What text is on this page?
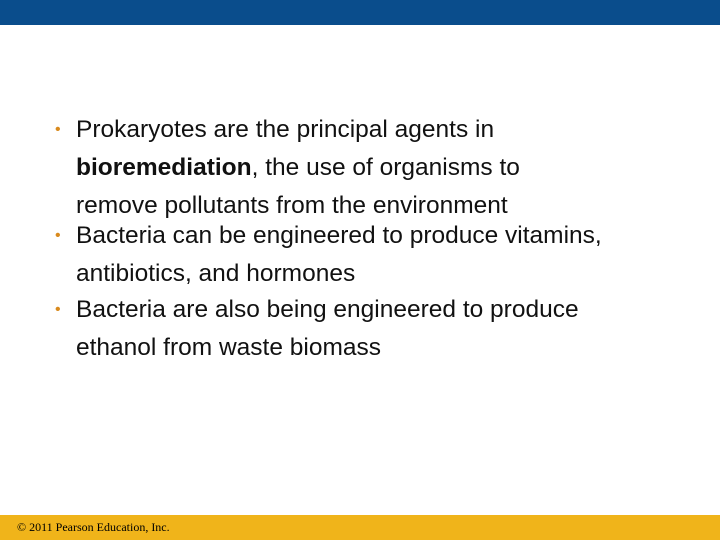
• Prokaryotes are the principal agents in
bioremediation, the use of organisms to
remove pollutants from the environment
• Bacteria can be engineered to produce vitamins,
antibiotics, and hormones
• Bacteria are also being engineered to produce
ethanol from waste biomass
© 2011 Pearson Education, Inc.
